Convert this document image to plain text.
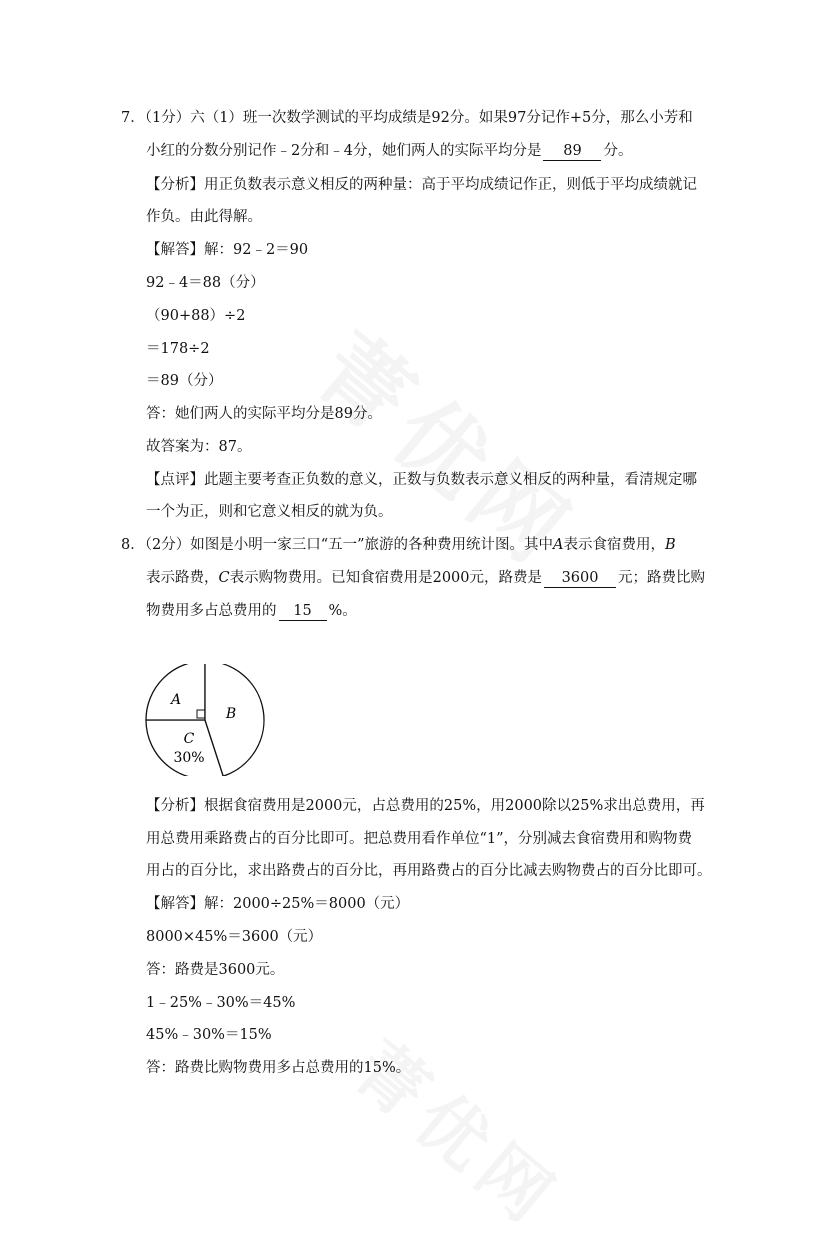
7．（1分）六（1）班一次数学测试的平均成绩是92分。如果97分记作+5分，那么小芳和
小红的分数分别记作﹣2分和﹣4分，她们两人的实际平均分是 89 分。
【分析】用正负数表示意义相反的两种量：高于平均成绩记作正，则低于平均成绩就记
作负。由此得解。
【解答】解：92﹣2＝90
92﹣4＝88（分）
（90+88）÷2
＝178÷2
＝89（分）
答：她们两人的实际平均分是89分。
故答案为：87。
【点评】此题主要考查正负数的意义，正数与负数表示意义相反的两种量，看清规定哪
一个为正，则和它意义相反的就为负。
8．（2分）如图是小明一家三口“五一”旅游的各种费用统计图。其中A表示食宿费用，B
表示路费，C表示购物费用。已知食宿费用是2000元，路费是 3600 元；路费比购
物费用多占总费用的 15 %。
A
B
C
30%
【分析】根据食宿费用是2000元，占总费用的25%，用2000除以25%求出总费用，再
用总费用乘路费占的百分比即可。把总费用看作单位“1”，分别减去食宿费用和购物费
用占的百分比，求出路费占的百分比，再用路费占的百分比减去购物费占的百分比即可。
【解答】解：2000÷25%＝8000（元）
8000×45%＝3600（元）
答：路费是3600元。
1﹣25%﹣30%＝45%
45%﹣30%＝15%
答：路费比购物费用多占总费用的15%。
